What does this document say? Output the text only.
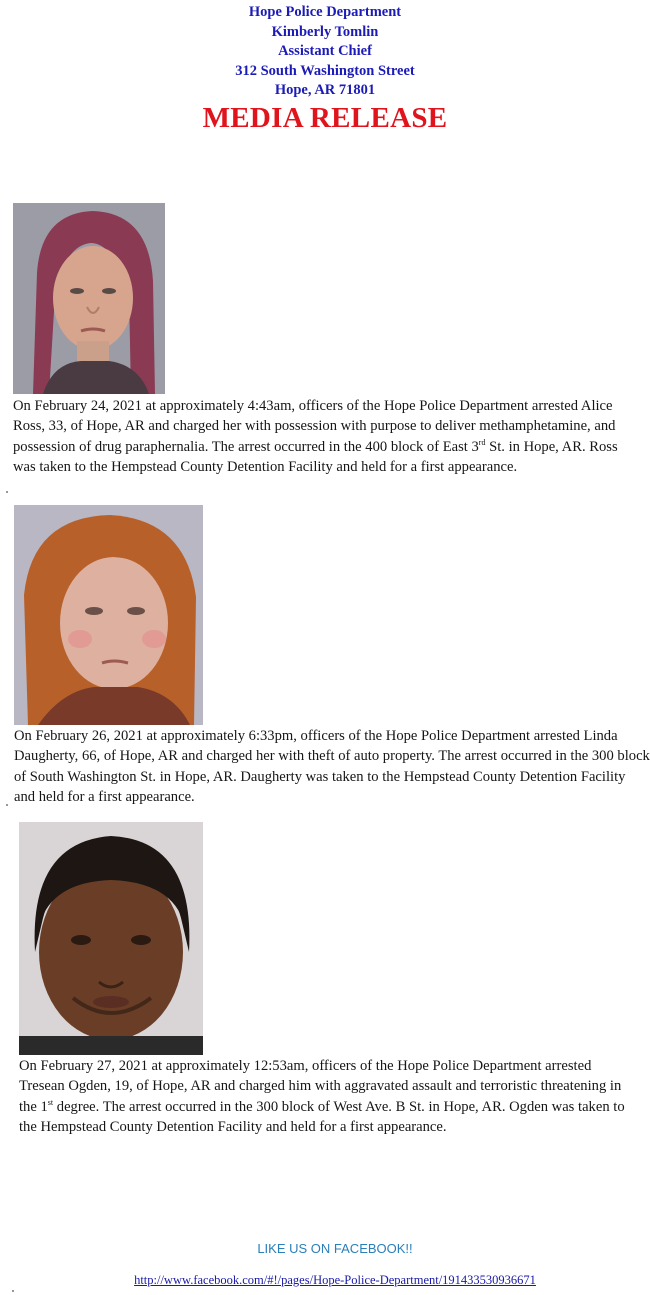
Hope Police Department
Kimberly Tomlin
Assistant Chief
312 South Washington Street
Hope, AR 71801
MEDIA RELEASE

On February 24, 2021 at approximately 4:43am, officers of the Hope Police Department arrested Alice Ross, 33, of Hope, AR and charged her with possession with purpose to deliver methamphetamine, and possession of drug paraphernalia. The arrest occurred in the 400 block of East 3rd St. in Hope, AR. Ross was taken to the Hempstead County Detention Facility and held for a first appearance.

On February 26, 2021 at approximately 6:33pm, officers of the Hope Police Department arrested Linda Daugherty, 66, of Hope, AR and charged her with theft of auto property. The arrest occurred in the 300 block of South Washington St. in Hope, AR. Daugherty was taken to the Hempstead County Detention Facility and held for a first appearance.

On February 27, 2021 at approximately 12:53am, officers of the Hope Police Department arrested Tresean Ogden, 19, of Hope, AR and charged him with aggravated assault and terroristic threatening in the 1st degree. The arrest occurred in the 300 block of West Ave. B St. in Hope, AR. Ogden was taken to the Hempstead County Detention Facility and held for a first appearance.

LIKE US ON FACEBOOK!!
http://www.facebook.com/#!/pages/Hope-Police-Department/191433530936671
